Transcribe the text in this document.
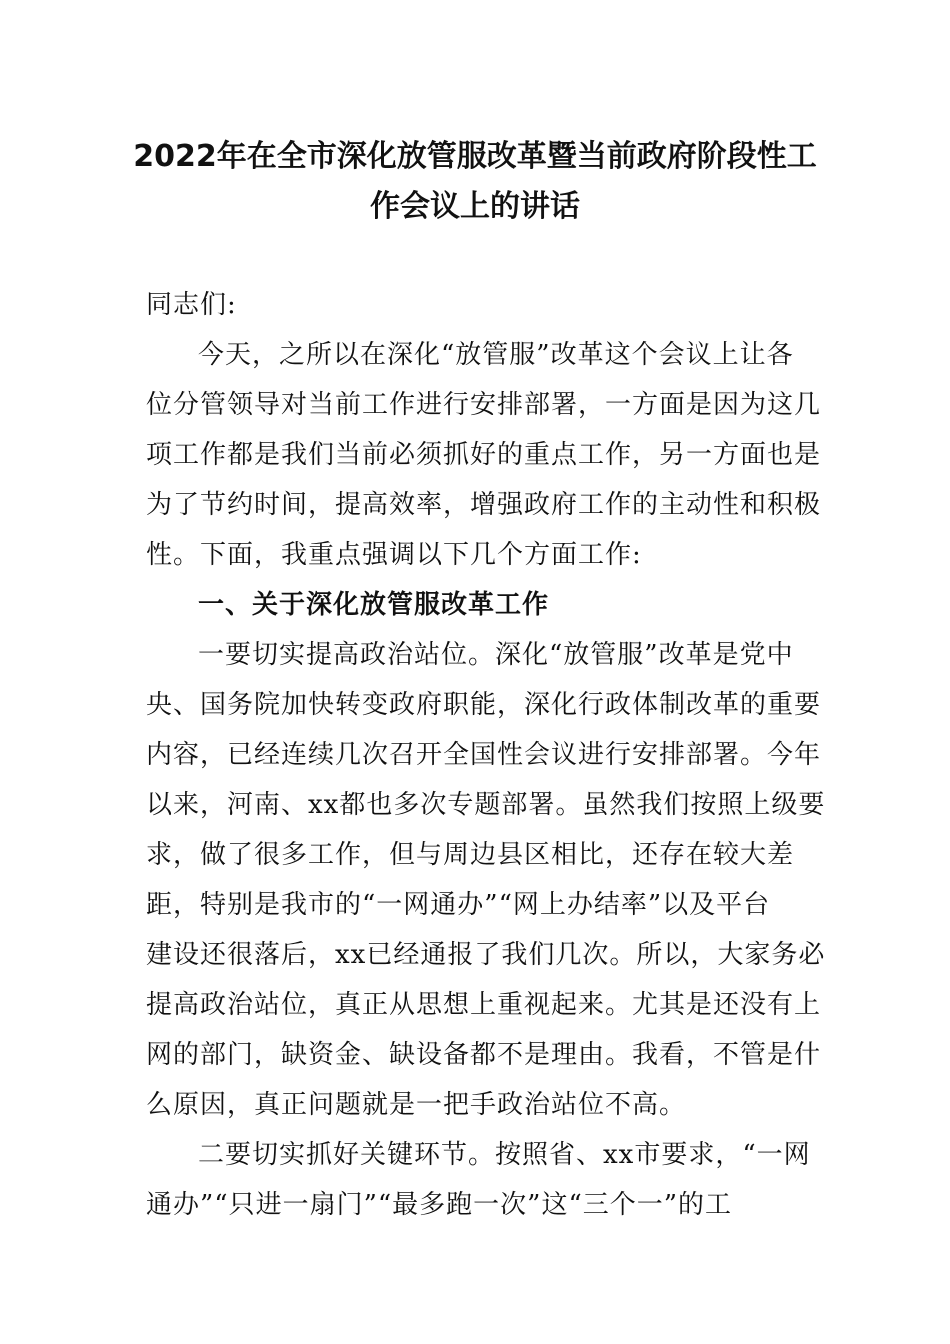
2022年在全市深化放管服改革暨当前政府阶段性工
作会议上的讲话
同志们:
今天，之所以在深化“放管服”改革这个会议上让各
位分管领导对当前工作进行安排部署，一方面是因为这几
项工作都是我们当前必须抓好的重点工作，另一方面也是
为了节约时间，提高效率，增强政府工作的主动性和积极
性。下面，我重点强调以下几个方面工作:
一、关于深化放管服改革工作
一要切实提高政治站位。深化“放管服”改革是党中
央、国务院加快转变政府职能，深化行政体制改革的重要
内容，已经连续几次召开全国性会议进行安排部署。今年
以来，河南、xx都也多次专题部署。虽然我们按照上级要
求，做了很多工作，但与周边县区相比，还存在较大差
距，特别是我市的“一网通办”“网上办结率”以及平台
建设还很落后，xx已经通报了我们几次。所以，大家务必
提高政治站位，真正从思想上重视起来。尤其是还没有上
网的部门，缺资金、缺设备都不是理由。我看，不管是什
么原因，真正问题就是一把手政治站位不高。
二要切实抓好关键环节。按照省、xx市要求，“一网
通办”“只进一扇门”“最多跑一次”这“三个一”的工
